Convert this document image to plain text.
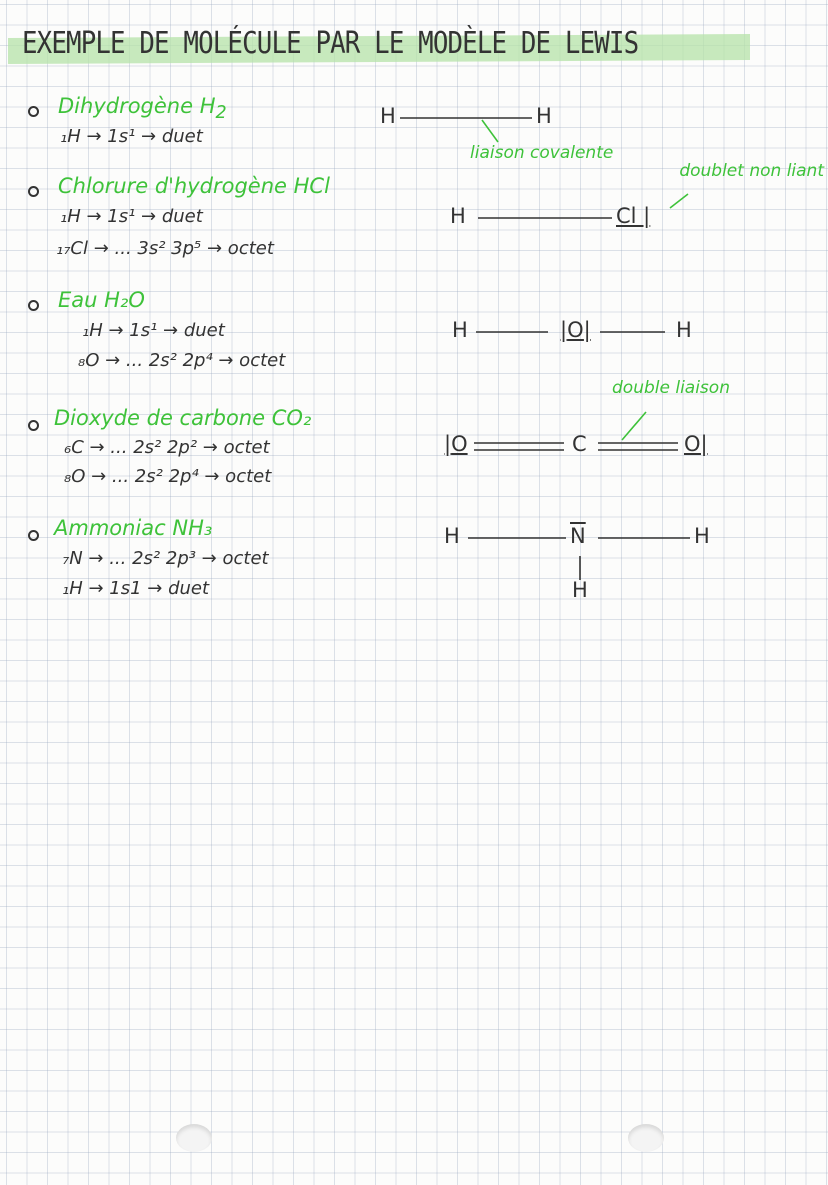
EXEMPLE DE MOLÉCULE PAR LE MODÈLE DE LEWIS
Dihydrogène $H_2$
₁H → 1s¹ → duet
H	H
liaison covalente
Chlorure d'hydrogène HCl
₁H → 1s¹ → duet
₁₇Cl → ... 3s² 3p⁵ → octet
H	Cl |
doublet non liant
Eau H₂O
₁H → 1s¹ → duet
₈O → ... 2s² 2p⁴ → octet
H	|O|	H
Dioxyde de carbone CO₂
₆C → ... 2s² 2p² → octet
₈O → ... 2s² 2p⁴ → octet
|O	C	O|
double liaison
Ammoniac NH₃
₇N → ... 2s² 2p³ → octet
₁H → 1s1 → duet
H	$\overline{N}$	H
H
